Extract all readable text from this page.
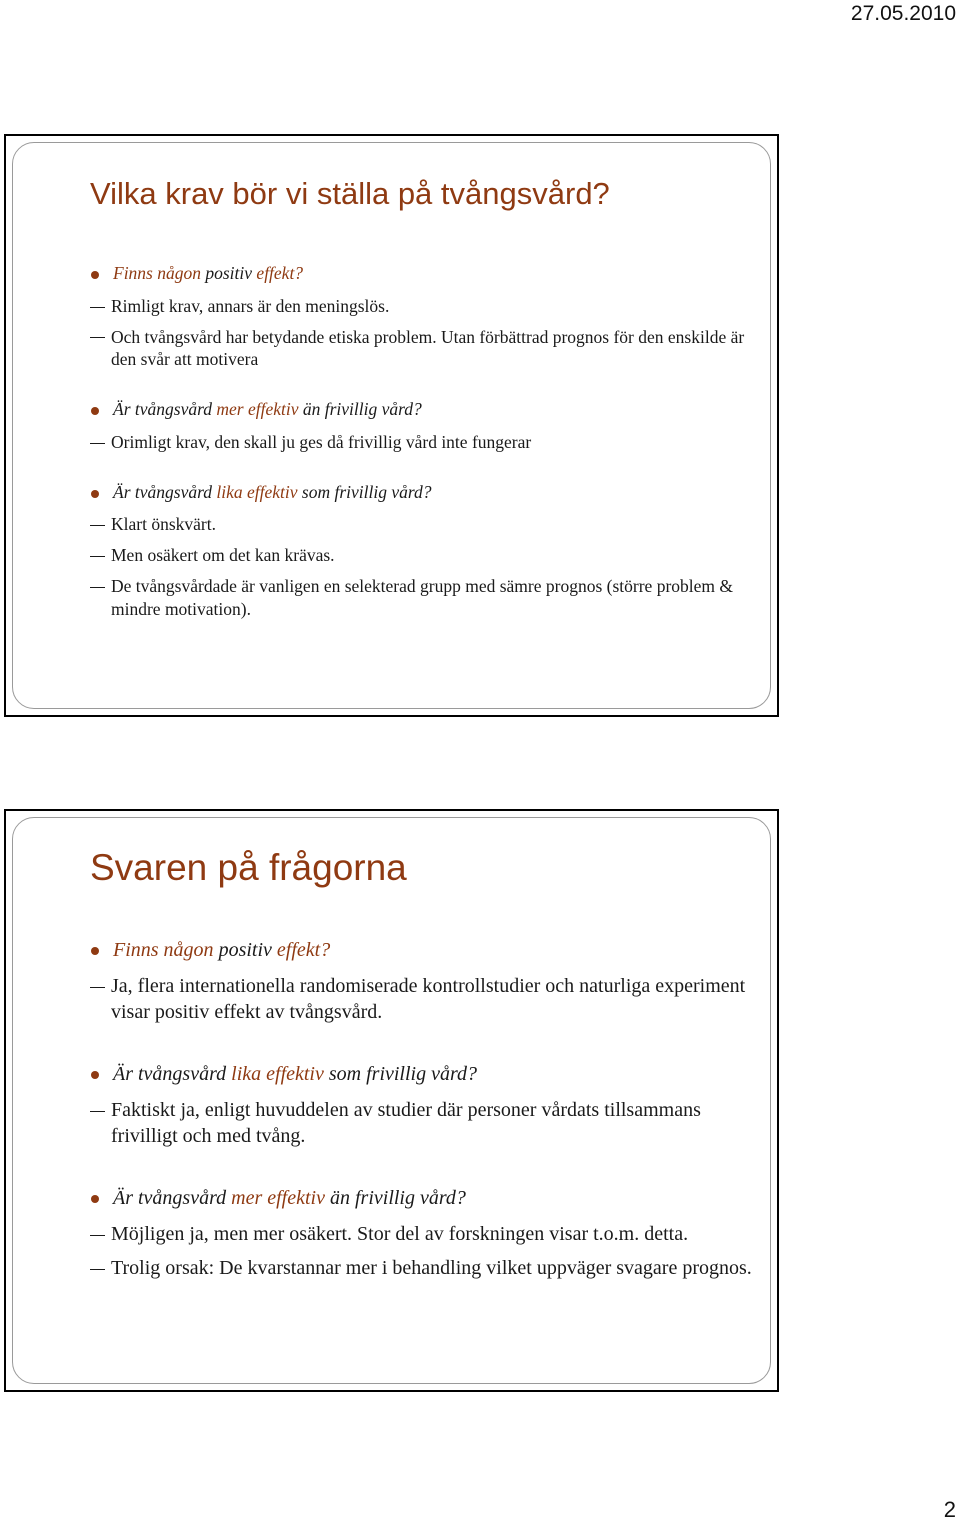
27.05.2010
Vilka krav bör vi ställa på tvångsvård?
Finns någon positiv effekt?
Rimligt krav, annars är den meningslös.
Och tvångsvård har betydande etiska problem. Utan förbättrad prognos för den enskilde är den svår att motivera
Är tvångsvård mer effektiv än frivillig vård?
Orimligt krav, den skall ju ges då frivillig vård inte fungerar
Är tvångsvård lika effektiv som frivillig vård?
Klart önskvärt.
Men osäkert om det kan krävas.
De tvångsvårdade är vanligen en selekterad grupp med sämre prognos (större problem & mindre motivation).
Svaren på frågorna
Finns någon positiv effekt?
Ja, flera internationella randomiserade kontrollstudier och naturliga experiment visar positiv effekt av tvångsvård.
Är tvångsvård lika effektiv som frivillig vård?
Faktiskt ja, enligt huvuddelen av studier där personer vårdats tillsammans frivilligt och med tvång.
Är tvångsvård mer effektiv än frivillig vård?
Möjligen ja, men mer osäkert. Stor del av forskningen visar t.o.m. detta.
Trolig orsak: De kvarstannar mer i behandling vilket uppväger svagare prognos.
2
